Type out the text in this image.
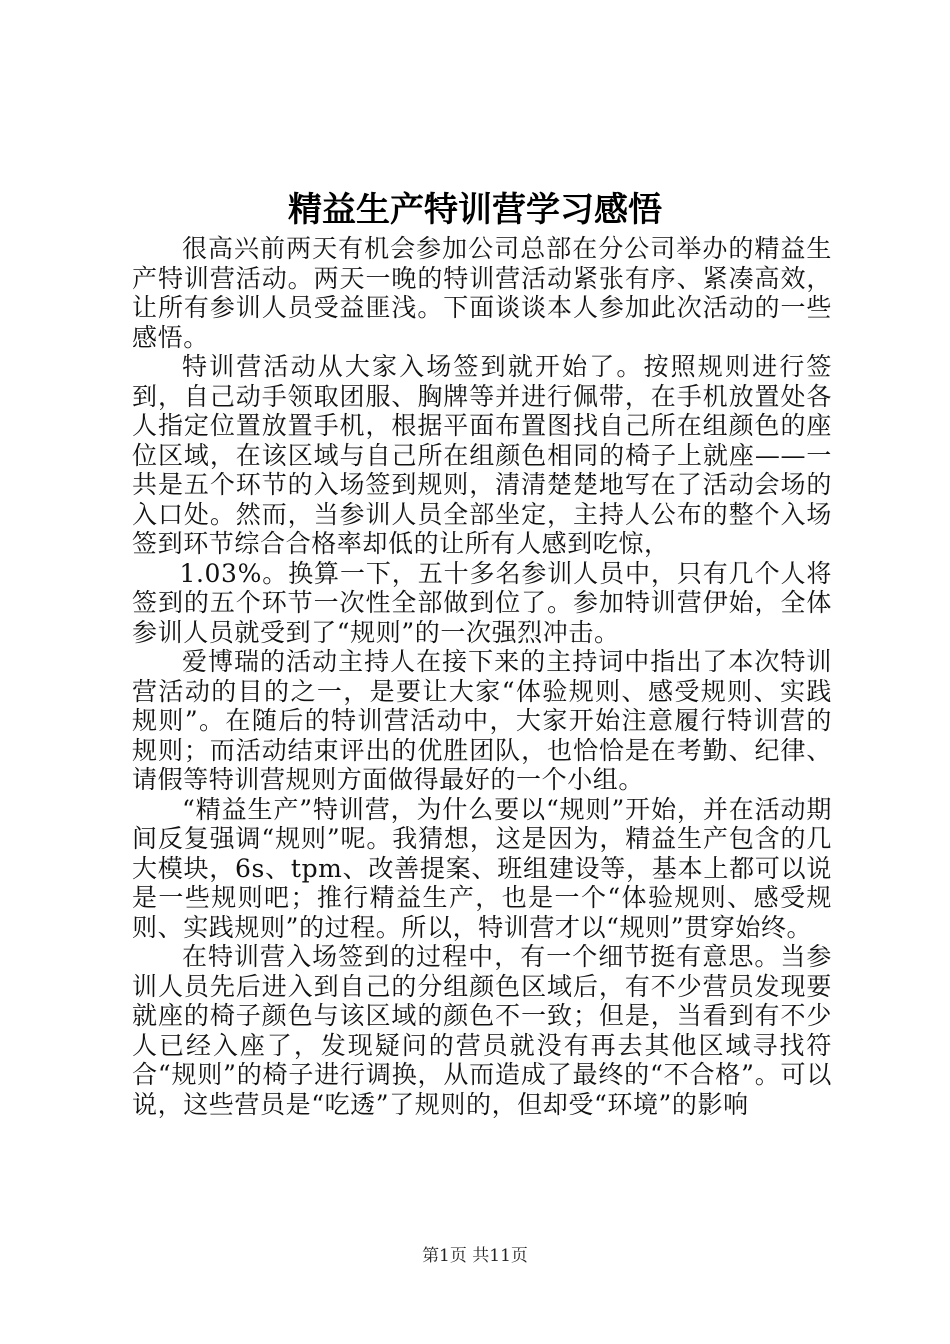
精益生产特训营学习感悟

很高兴前两天有机会参加公司总部在分公司举办的精益生产特训营活动。两天一晚的特训营活动紧张有序、紧凑高效，让所有参训人员受益匪浅。下面谈谈本人参加此次活动的一些感悟。

特训营活动从大家入场签到就开始了。按照规则进行签到，自己动手领取团服、胸牌等并进行佩带，在手机放置处各人指定位置放置手机，根据平面布置图找自己所在组颜色的座位区域，在该区域与自己所在组颜色相同的椅子上就座——一共是五个环节的入场签到规则，清清楚楚地写在了活动会场的入口处。然而，当参训人员全部坐定，主持人公布的整个入场签到环节综合合格率却低的让所有人感到吃惊，

1.03%。换算一下，五十多名参训人员中，只有几个人将签到的五个环节一次性全部做到位了。参加特训营伊始，全体参训人员就受到了“规则”的一次强烈冲击。

爱博瑞的活动主持人在接下来的主持词中指出了本次特训营活动的目的之一，是要让大家“体验规则、感受规则、实践规则”。在随后的特训营活动中，大家开始注意履行特训营的规则；而活动结束评出的优胜团队，也恰恰是在考勤、纪律、请假等特训营规则方面做得最好的一个小组。

“精益生产”特训营，为什么要以“规则”开始，并在活动期间反复强调“规则”呢。我猜想，这是因为，精益生产包含的几大模块，6s、tpm、改善提案、班组建设等，基本上都可以说是一些规则吧；推行精益生产，也是一个“体验规则、感受规则、实践规则”的过程。所以，特训营才以“规则”贯穿始终。

在特训营入场签到的过程中，有一个细节挺有意思。当参训人员先后进入到自己的分组颜色区域后，有不少营员发现要就座的椅子颜色与该区域的颜色不一致；但是，当看到有不少人已经入座了，发现疑问的营员就没有再去其他区域寻找符合“规则”的椅子进行调换，从而造成了最终的“不合格”。可以说，这些营员是“吃透”了规则的，但却受“环境”的影响

第1页 共11页
